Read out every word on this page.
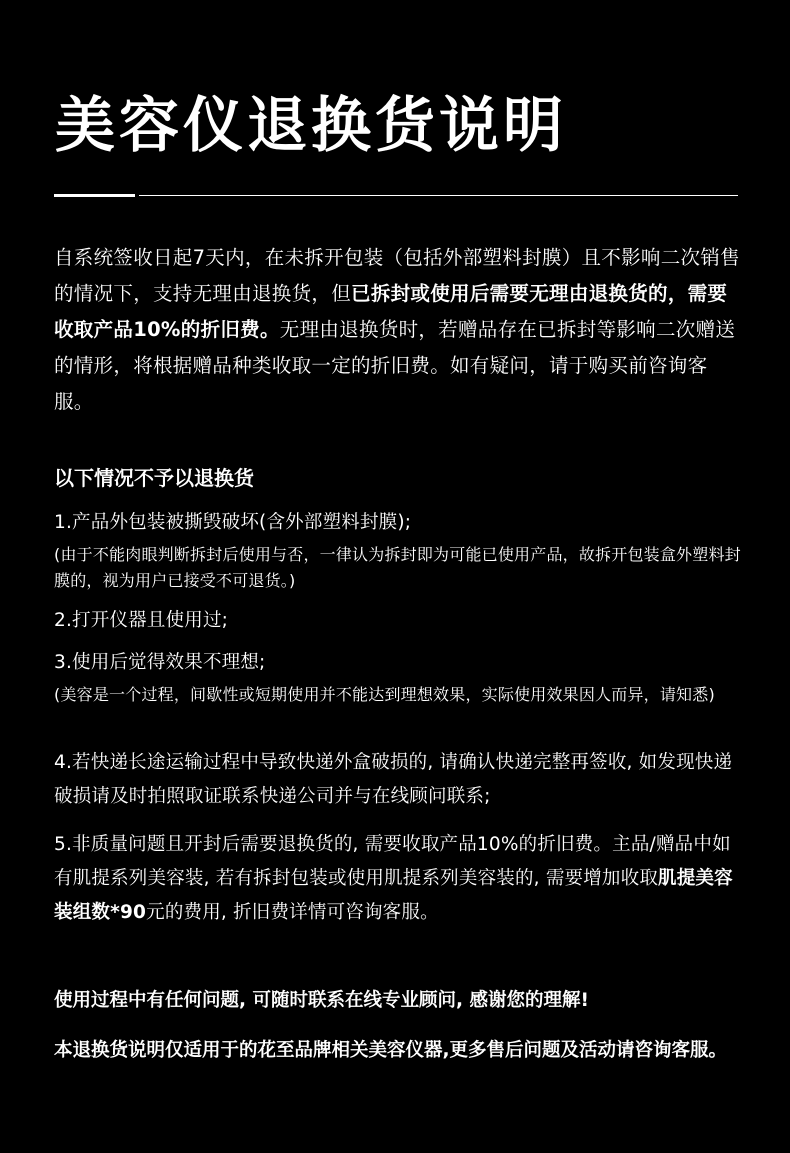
美容仪退换货说明
自系统签收日起7天内，在未拆开包装（包括外部塑料封膜）且不影响二次销售的情况下，支持无理由退换货，但已拆封或使用后需要无理由退换货的，需要收取产品10%的折旧费。无理由退换货时，若赠品存在已拆封等影响二次赠送的情形，将根据赠品种类收取一定的折旧费。如有疑问，请于购买前咨询客服。
以下情况不予以退换货
1.产品外包装被撕毁破坏(含外部塑料封膜);
(由于不能肉眼判断拆封后使用与否，一律认为拆封即为可能已使用产品，故拆开包装盒外塑料封膜的，视为用户已接受不可退货。)
2.打开仪器且使用过;
3.使用后觉得效果不理想;
(美容是一个过程，间歇性或短期使用并不能达到理想效果，实际使用效果因人而异，请知悉)
4.若快递长途运输过程中导致快递外盒破损的, 请确认快递完整再签收, 如发现快递破损请及时拍照取证联系快递公司并与在线顾问联系;
5.非质量问题且开封后需要退换货的, 需要收取产品10%的折旧费。主品/赠品中如有肌提系列美容装, 若有拆封包装或使用肌提系列美容装的, 需要增加收取肌提美容装组数*90元的费用, 折旧费详情可咨询客服。
使用过程中有任何问题, 可随时联系在线专业顾问, 感谢您的理解!
本退换货说明仅适用于的花至品牌相关美容仪器,更多售后问题及活动请咨询客服。
